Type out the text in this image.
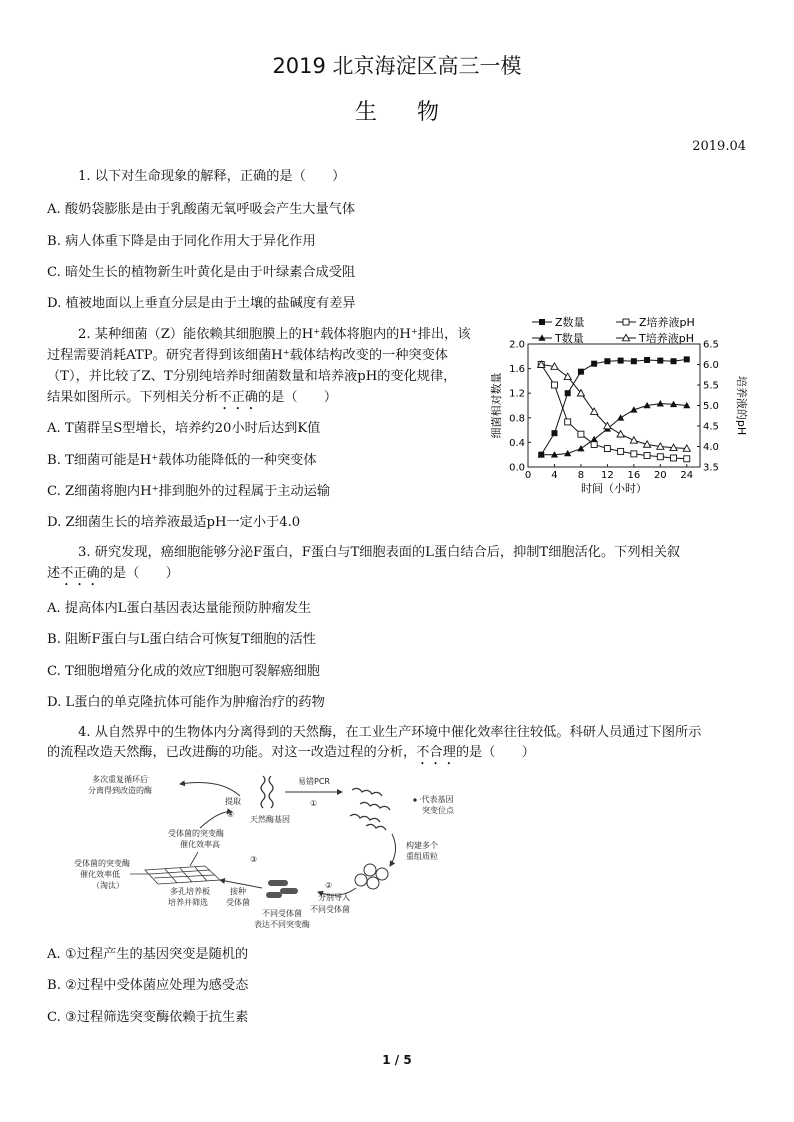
2019 北京海淀区高三一模
生物
2019.04
1. 以下对生命现象的解释，正确的是（　　）
A. 酸奶袋膨胀是由于乳酸菌无氧呼吸会产生大量气体
B. 病人体重下降是由于同化作用大于异化作用
C. 暗处生长的植物新生叶黄化是由于叶绿素合成受阻
D. 植被地面以上垂直分层是由于土壤的盐碱度有差异
2. 某种细菌（Z）能依赖其细胞膜上的H⁺载体将胞内的H⁺排出，该
过程需要消耗ATP。研究者得到该细菌H⁺载体结构改变的一种突变体
（T），并比较了Z、T分别纯培养时细菌数量和培养液pH的变化规律，
结果如图所示。下列相关分析不正确的是（　　）
A. T菌群呈S型增长，培养约20小时后达到K值
B. T细菌可能是H⁺载体功能降低的一种突变体
C. Z细菌将胞内H⁺排到胞外的过程属于主动运输
D. Z细菌生长的培养液最适pH一定小于4.0
Z数量	Z培养液pH
T数量	T培养液pH
0 4 8 12 16 20 24
0.0
0.4
0.8
1.2
1.6
2.0
3.5
4.0
4.5
5.0
5.5
6.0
6.5
时间（小时）
细菌相对数量	培养液的pH
3. 研究发现，癌细胞能够分泌F蛋白，F蛋白与T细胞表面的L蛋白结合后，抑制T细胞活化。下列相关叙
述不正确的是（　　）
A. 提高体内L蛋白基因表达量能预防肿瘤发生
B. 阻断F蛋白与L蛋白结合可恢复T细胞的活性
C. T细胞增殖分化成的效应T细胞可裂解癌细胞
D. L蛋白的单克隆抗体可能作为肿瘤治疗的药物
4. 从自然界中的生物体内分离得到的天然酶，在工业生产环境中催化效率往往较低。科研人员通过下图所示
的流程改造天然酶，已改进酶的功能。对这一改造过程的分析，不合理的是（　　）
多次重复循环后
分离得到改造的酶
提取
④
天然酶基因
易错PCR
①	·代表基因
突变位点
构建多个
重组质粒
②
分别导入
不同受体菌
不同受体菌
表达不同突变酶
接种
受体菌
③
多孔培养板
培养并筛选
受体菌的突变酶
催化效率高
受体菌的突变酶
催化效率低
（淘汰）
A. ①过程产生的基因突变是随机的
B. ②过程中受体菌应处理为感受态
C. ③过程筛选突变酶依赖于抗生素
1 / 5
